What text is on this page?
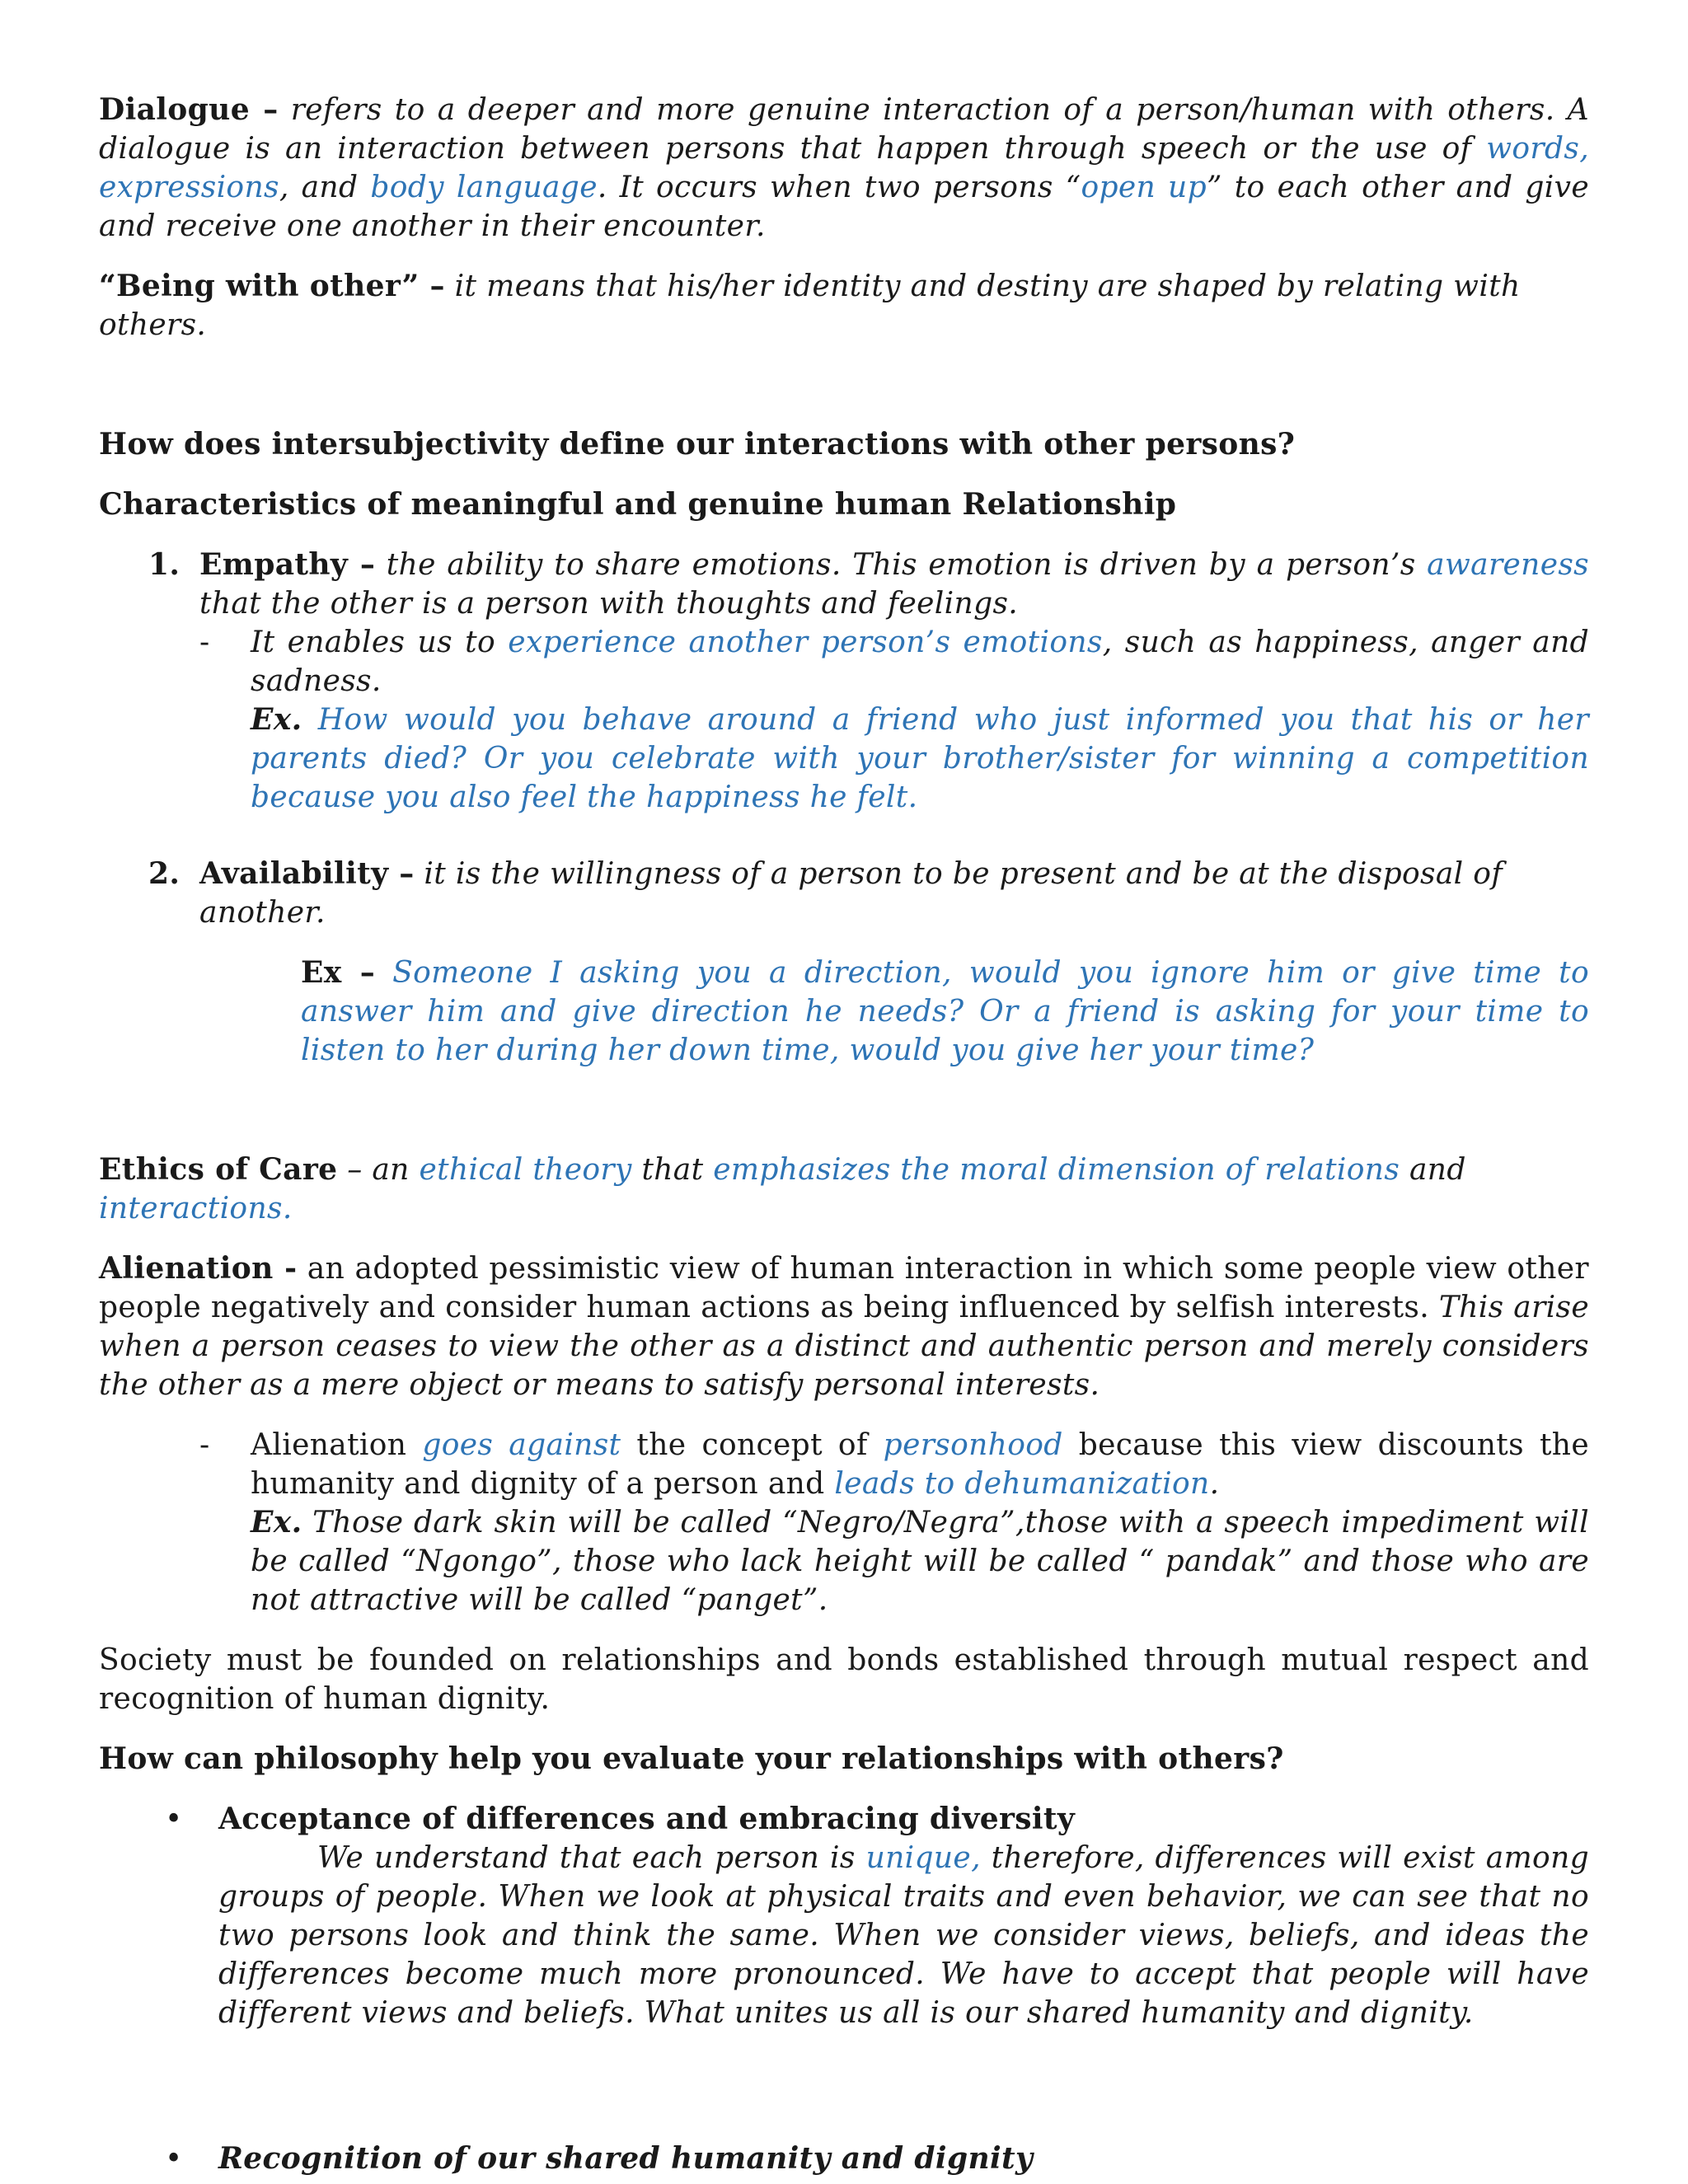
Dialogue – refers to a deeper and more genuine interaction of a person/human with others. A dialogue is an interaction between persons that happen through speech or the use of words, expressions, and body language. It occurs when two persons “open up” to each other and give and receive one another in their encounter.

“Being with other” – it means that his/her identity and destiny are shaped by relating with others.

How does intersubjectivity define our interactions with other persons?

Characteristics of meaningful and genuine human Relationship

1. Empathy – the ability to share emotions. This emotion is driven by a person’s awareness that the other is a person with thoughts and feelings.

- It enables us to experience another person’s emotions, such as happiness, anger and sadness.

Ex. How would you behave around a friend who just informed you that his or her parents died? Or you celebrate with your brother/sister for winning a competition because you also feel the happiness he felt.

2. Availability – it is the willingness of a person to be present and be at the disposal of another.

Ex – Someone I asking you a direction, would you ignore him or give time to answer him and give direction he needs? Or a friend is asking for your time to listen to her during her down time, would you give her your time?

Ethics of Care – an ethical theory that emphasizes the moral dimension of relations and interactions.

Alienation - an adopted pessimistic view of human interaction in which some people view other people negatively and consider human actions as being influenced by selfish interests. This arise when a person ceases to view the other as a distinct and authentic person and merely considers the other as a mere object or means to satisfy personal interests.

- Alienation goes against the concept of personhood because this view discounts the humanity and dignity of a person and leads to dehumanization.

Ex. Those dark skin will be called “Negro/Negra”,those with a speech impediment will be called “Ngongo”, those who lack height will be called “ pandak” and those who are not attractive will be called “panget”.

Society must be founded on relationships and bonds established through mutual respect and recognition of human dignity.

How can philosophy help you evaluate your relationships with others?

• Acceptance of differences and embracing diversity

We understand that each person is unique, therefore, differences will exist among groups of people. When we look at physical traits and even behavior, we can see that no two persons look and think the same. When we consider views, beliefs, and ideas the differences become much more pronounced. We have to accept that people will have different views and beliefs. What unites us all is our shared humanity and dignity.

• Recognition of our shared humanity and dignity
